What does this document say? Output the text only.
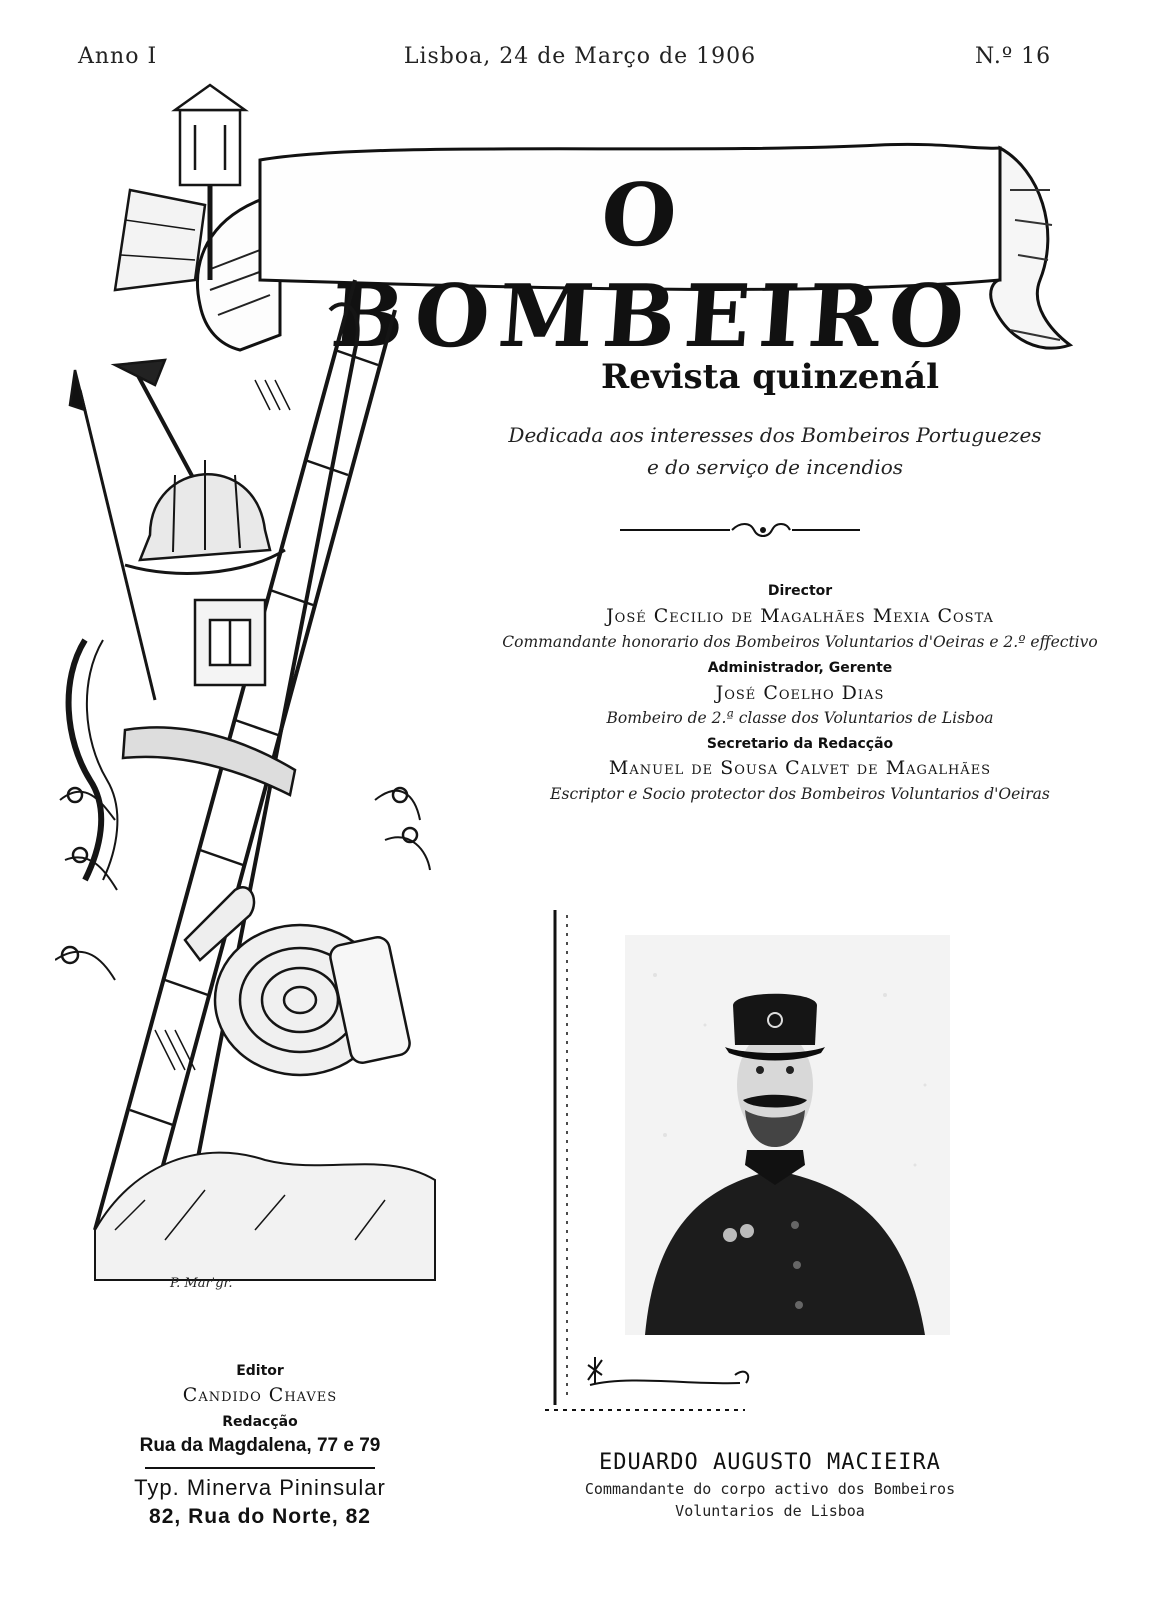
Anno I	Lisboa, 24 de Março de 1906	N.º 16
O BOMBEIRO
P. Mar'gr.
Revista quinzenál
Dedicada aos interesses dos Bombeiros Portuguezes
e do serviço de incendios
Director
José Cecilio de Magalhães Mexia Costa
Commandante honorario dos Bombeiros Voluntarios d'Oeiras e 2.º effectivo
Administrador, Gerente
José Coelho Dias
Bombeiro de 2.ª classe dos Voluntarios de Lisboa
Secretario da Redacção
Manuel de Sousa Calvet de Magalhães
Escriptor e Socio protector dos Bombeiros Voluntarios d'Oeiras
EDUARDO AUGUSTO MACIEIRA
Commandante do corpo activo dos Bombeiros
Voluntarios de Lisboa
Editor
Candido Chaves
Redacção
Rua da Magdalena, 77 e 79
Typ. Minerva Pininsular
82, Rua do Norte, 82
